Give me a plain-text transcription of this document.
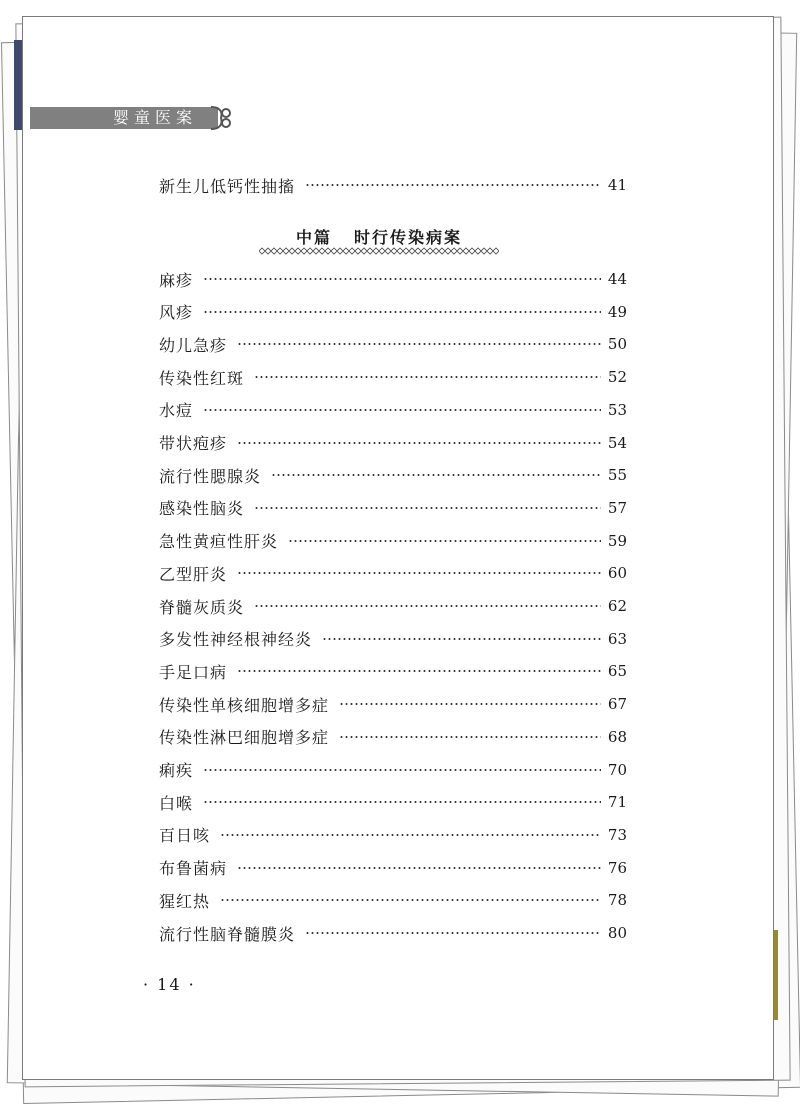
婴童医案
新生儿低钙性抽搐	41
中篇 时行传染病案
麻疹	44
风疹	49
幼儿急疹	50
传染性红斑	52
水痘	53
带状疱疹	54
流行性腮腺炎	55
感染性脑炎	57
急性黄疸性肝炎	59
乙型肝炎	60
脊髓灰质炎	62
多发性神经根神经炎	63
手足口病	65
传染性单核细胞增多症	67
传染性淋巴细胞增多症	68
痢疾	70
白喉	71
百日咳	73
布鲁菌病	76
猩红热	78
流行性脑脊髓膜炎	80
· 14 ·
